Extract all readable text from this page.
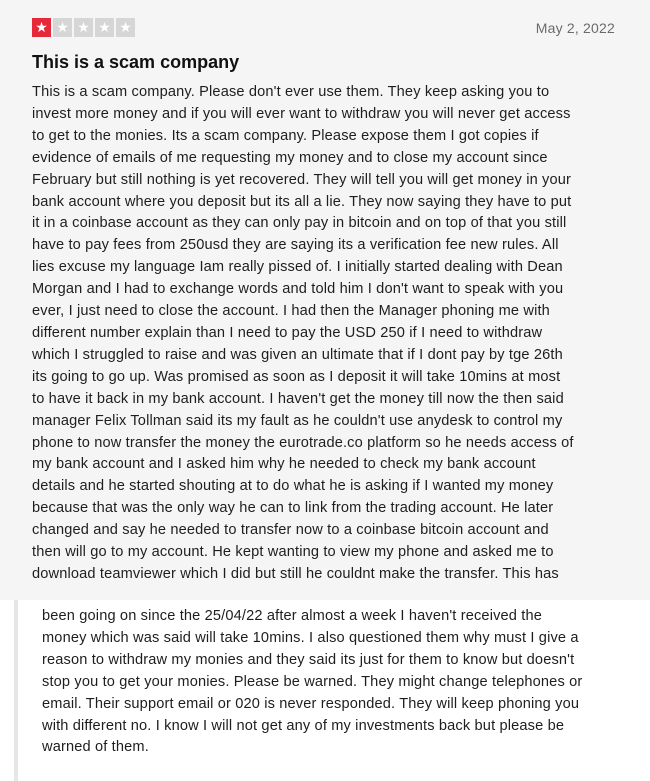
★ ★ ★ ★ ★	May 2, 2022
This is a scam company
This is a scam company. Please don't ever use them. They keep asking you to
invest more money and if you will ever want to withdraw you will never get access
to get to the monies. Its a scam company. Please expose them I got copies if
evidence of emails of me requesting my money and to close my account since
February but still nothing is yet recovered. They will tell you will get money in your
bank account where you deposit but its all a lie. They now saying they have to put
it in a coinbase account as they can only pay in bitcoin and on top of that you still
have to pay fees from 250usd they are saying its a verification fee new rules. All
lies excuse my language Iam really pissed of. I initially started dealing with Dean
Morgan and I had to exchange words and told him I don't want to speak with you
ever, I just need to close the account. I had then the Manager phoning me with
different number explain than I need to pay the USD 250 if I need to withdraw
which I struggled to raise and was given an ultimate that if I dont pay by tge 26th
its going to go up. Was promised as soon as I deposit it will take 10mins at most
to have it back in my bank account. I haven't get the money till now the then said
manager Felix Tollman said its my fault as he couldn't use anydesk to control my
phone to now transfer the money the eurotrade.co platform so he needs access of
my bank account and I asked him why he needed to check my bank account
details and he started shouting at to do what he is asking if I wanted my money
because that was the only way he can to link from the trading account. He later
changed and say he needed to transfer now to a coinbase bitcoin account and
then will go to my account. He kept wanting to view my phone and asked me to
download teamviewer which I did but still he couldnt make the transfer. This has
been going on since the 25/04/22 after almost a week I haven't received the
money which was said will take 10mins. I also questioned them why must I give a
reason to withdraw my monies and they said its just for them to know but doesn't
stop you to get your monies. Please be warned. They might change telephones or
email. Their support email or 020 is never responded. They will keep phoning you
with different no. I know I will not get any of my investments back but please be
warned of them.
